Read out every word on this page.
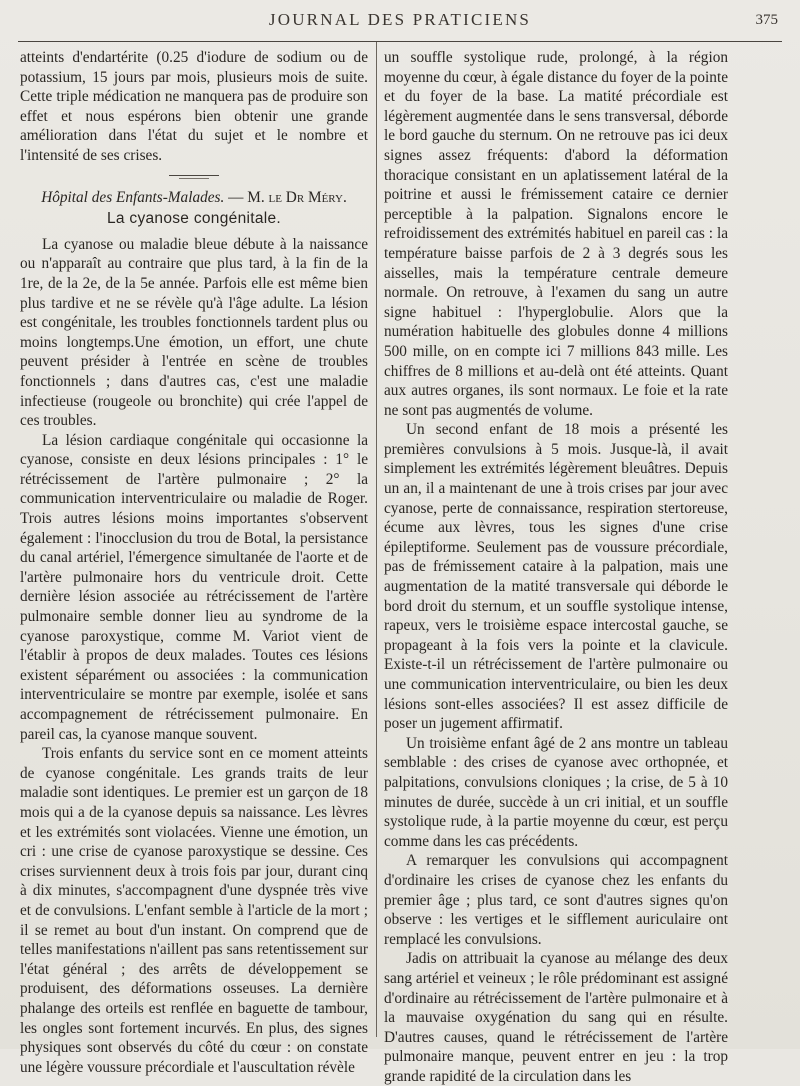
JOURNAL DES PRATICIENS	375

atteints d'endartérite (0.25 d'iodure de sodium ou de potassium, 15 jours par mois, plusieurs mois de suite. Cette triple médication ne manquera pas de produire son effet et nous espérons bien obtenir une grande amélioration dans l'état du sujet et le nombre et l'intensité de ses crises.

Hôpital des Enfants-Malades. — M. le Dr Méry.

La cyanose congénitale.

La cyanose ou maladie bleue débute à la naissance ou n'apparaît au contraire que plus tard, à la fin de la 1re, de la 2e, de la 5e année. Parfois elle est même bien plus tardive et ne se révèle qu'à l'âge adulte. La lésion est congénitale, les troubles fonctionnels tardent plus ou moins longtemps.Une émotion, un effort, une chute peuvent présider à l'entrée en scène de troubles fonctionnels ; dans d'autres cas, c'est une maladie infectieuse (rougeole ou bronchite) qui crée l'appel de ces troubles.

La lésion cardiaque congénitale qui occasionne la cyanose, consiste en deux lésions principales : 1° le rétrécissement de l'artère pulmonaire ; 2° la communication interventriculaire ou maladie de Roger. Trois autres lésions moins importantes s'observent également : l'inocclusion du trou de Botal, la persistance du canal artériel, l'émergence simultanée de l'aorte et de l'artère pulmonaire hors du ventricule droit. Cette dernière lésion associée au rétrécissement de l'artère pulmonaire semble donner lieu au syndrome de la cyanose paroxystique, comme M. Variot vient de l'établir à propos de deux malades. Toutes ces lésions existent séparément ou associées : la communication interventriculaire se montre par exemple, isolée et sans accompagnement de rétrécissement pulmonaire. En pareil cas, la cyanose manque souvent.

Trois enfants du service sont en ce moment atteints de cyanose congénitale. Les grands traits de leur maladie sont identiques. Le premier est un garçon de 18 mois qui a de la cyanose depuis sa naissance. Les lèvres et les extrémités sont violacées. Vienne une émotion, un cri : une crise de cyanose paroxystique se dessine. Ces crises surviennent deux à trois fois par jour, durant cinq à dix minutes, s'accompagnent d'une dyspnée très vive et de convulsions. L'enfant semble à l'article de la mort ; il se remet au bout d'un instant. On comprend que de telles manifestations n'aillent pas sans retentissement sur l'état général ; des arrêts de développement se produisent, des déformations osseuses. La dernière phalange des orteils est renflée en baguette de tambour, les ongles sont fortement incurvés. En plus, des signes physiques sont observés du côté du cœur : on constate une légère voussure précordiale et l'auscultation révèle

un souffle systolique rude, prolongé, à la région moyenne du cœur, à égale distance du foyer de la pointe et du foyer de la base. La matité précordiale est légèrement augmentée dans le sens transversal, déborde le bord gauche du sternum. On ne retrouve pas ici deux signes assez fréquents: d'abord la déformation thoracique consistant en un aplatissement latéral de la poitrine et aussi le frémissement cataire ce dernier perceptible à la palpation. Signalons encore le refroidissement des extrémités habituel en pareil cas : la température baisse parfois de 2 à 3 degrés sous les aisselles, mais la température centrale demeure normale. On retrouve, à l'examen du sang un autre signe habituel : l'hyperglobulie. Alors que la numération habituelle des globules donne 4 millions 500 mille, on en compte ici 7 millions 843 mille. Les chiffres de 8 millions et au-delà ont été atteints. Quant aux autres organes, ils sont normaux. Le foie et la rate ne sont pas augmentés de volume.

Un second enfant de 18 mois a présenté les premières convulsions à 5 mois. Jusque-là, il avait simplement les extrémités légèrement bleuâtres. Depuis un an, il a maintenant de une à trois crises par jour avec cyanose, perte de connaissance, respiration stertoreuse, écume aux lèvres, tous les signes d'une crise épileptiforme. Seulement pas de voussure précordiale, pas de frémissement cataire à la palpation, mais une augmentation de la matité transversale qui déborde le bord droit du sternum, et un souffle systolique intense, rapeux, vers le troisième espace intercostal gauche, se propageant à la fois vers la pointe et la clavicule. Existe-t-il un rétrécissement de l'artère pulmonaire ou une communication interventriculaire, ou bien les deux lésions sont-elles associées? Il est assez difficile de poser un jugement affirmatif.

Un troisième enfant âgé de 2 ans montre un tableau semblable : des crises de cyanose avec orthopnée, et palpitations, convulsions cloniques ; la crise, de 5 à 10 minutes de durée, succède à un cri initial, et un souffle systolique rude, à la partie moyenne du cœur, est perçu comme dans les cas précédents.

A remarquer les convulsions qui accompagnent d'ordinaire les crises de cyanose chez les enfants du premier âge ; plus tard, ce sont d'autres signes qu'on observe : les vertiges et le sifflement auriculaire ont remplacé les convulsions.

Jadis on attribuait la cyanose au mélange des deux sang artériel et veineux ; le rôle prédominant est assigné d'ordinaire au rétrécissement de l'artère pulmonaire et à la mauvaise oxygénation du sang qui en résulte. D'autres causes, quand le rétrécissement de l'artère pulmonaire manque, peuvent entrer en jeu : la trop grande rapidité de la circulation dans les
